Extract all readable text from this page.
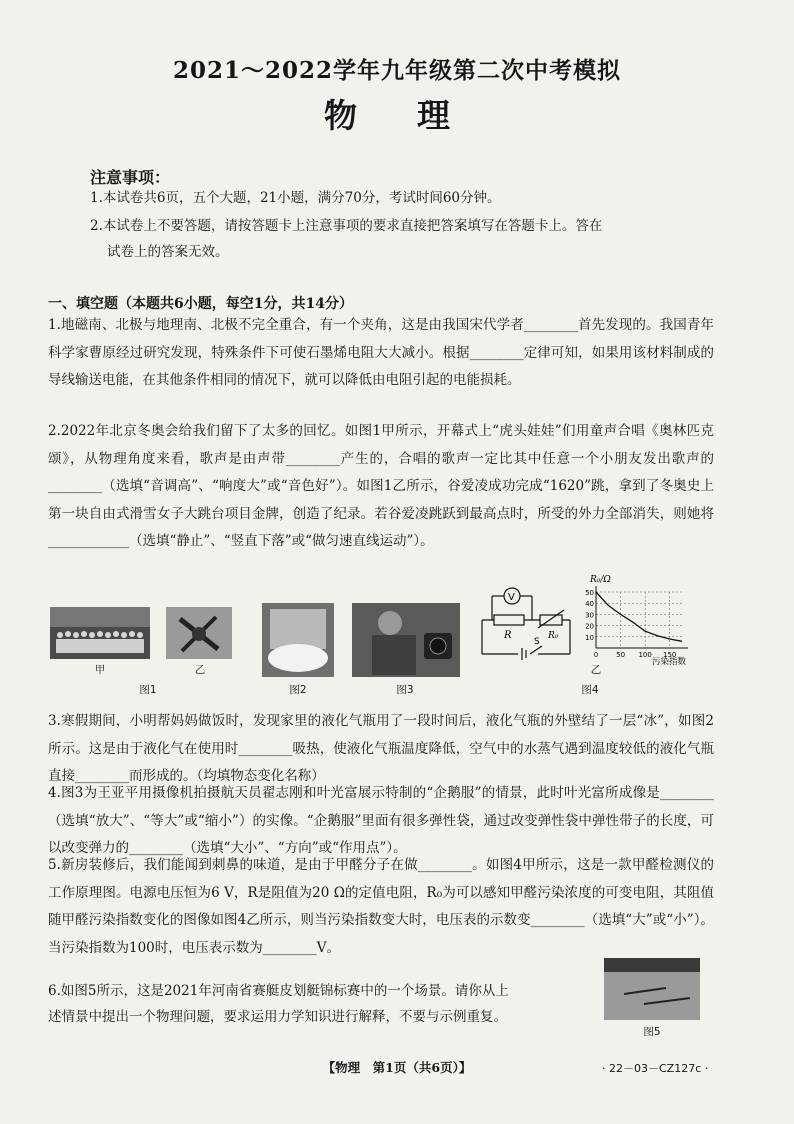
2021～2022学年九年级第二次中考模拟
物理
注意事项：
1.本试卷共6页，五个大题，21小题，满分70分，考试时间60分钟。
2.本试卷上不要答题，请按答题卡上注意事项的要求直接把答案填写在答题卡上。答在
试卷上的答案无效。
一、填空题（本题共6小题，每空1分，共14分）
1.地磁南、北极与地理南、北极不完全重合，有一个夹角，这是由我国宋代学者________首先发现的。我国青年科学家曹原经过研究发现，特殊条件下可使石墨烯电阻大大减小。根据________定律可知，如果用该材料制成的导线输送电能，在其他条件相同的情况下，就可以降低由电阻引起的电能损耗。
2.2022年北京冬奥会给我们留下了太多的回忆。如图1甲所示，开幕式上“虎头娃娃”们用童声合唱《奥林匹克颂》，从物理角度来看，歌声是由声带________产生的，合唱的歌声一定比其中任意一个小朋友发出歌声的________（选填“音调高”、“响度大”或“音色好”）。如图1乙所示，谷爱凌成功完成“1620”跳，拿到了冬奥史上第一块自由式滑雪女子大跳台项目金牌，创造了纪录。若谷爱凌跳跃到最高点时，所受的外力全部消失，则她将____________（选填“静止”、“竖直下落”或“做匀速直线运动”）。
甲	乙
图1	图2	图3
V
R	R₀
S
50
40
30
20
10
0	50 100 150
R₀/Ω
污染指数
乙
图4
3.寒假期间，小明帮妈妈做饭时，发现家里的液化气瓶用了一段时间后，液化气瓶的外壁结了一层“冰”，如图2所示。这是由于液化气在使用时________吸热，使液化气瓶温度降低，空气中的水蒸气遇到温度较低的液化气瓶直接________而形成的。（均填物态变化名称）
4.图3为王亚平用摄像机拍摄航天员翟志刚和叶光富展示特制的“企鹅服”的情景，此时叶光富所成像是________（选填“放大”、“等大”或“缩小”）的实像。“企鹅服”里面有很多弹性袋，通过改变弹性袋中弹性带子的长度，可以改变弹力的________（选填“大小”、“方向”或“作用点”）。
5.新房装修后，我们能闻到刺鼻的味道，是由于甲醛分子在做________。如图4甲所示，这是一款甲醛检测仪的工作原理图。电源电压恒为6 V，R是阻值为20 Ω的定值电阻，R₀为可以感知甲醛污染浓度的可变电阻，其阻值随甲醛污染指数变化的图像如图4乙所示，则当污染指数变大时，电压表的示数变________（选填“大”或“小”）。当污染指数为100时，电压表示数为________V。
6.如图5所示，这是2021年河南省赛艇皮划艇锦标赛中的一个场景。请你从上
述情景中提出一个物理问题，要求运用力学知识进行解释，不要与示例重复。
图5
【物理　第1页（共6页）】	· 22－03－CZ127c ·
